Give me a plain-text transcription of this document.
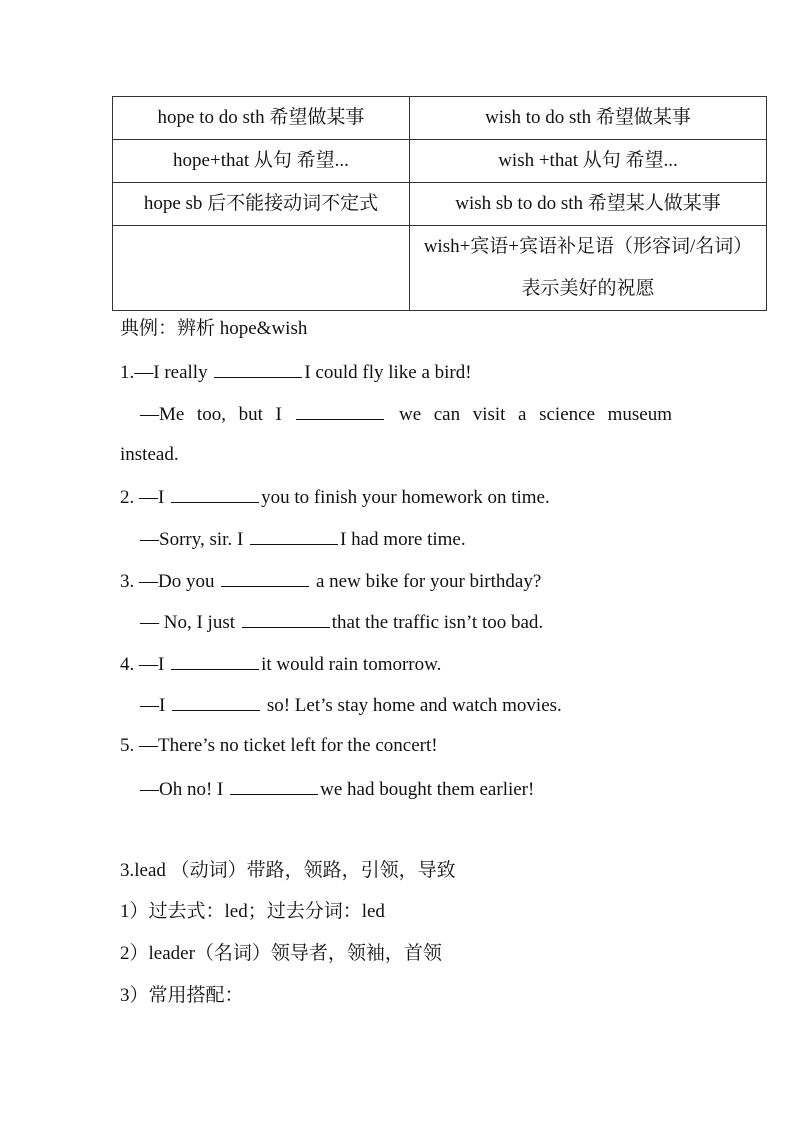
hope to do sth 希望做某事	wish to do sth 希望做某事
hope+that 从句 希望...	wish +that 从句 希望...
hope sb 后不能接动词不定式	wish sb to do sth 希望某人做某事
	wish+宾语+宾语补足语（形容词/名词） 表示美好的祝愿
典例：辨析 hope&wish
1.—I really	I could fly like a bird!
—Me too, but I	we can visit a science museum
instead.
2. —I	you to finish your homework on time.
—Sorry, sir. I	I had more time.
3. —Do you	a new bike for your birthday?
— No, I just	that the traffic isn’t too bad.
4. —I	it would rain tomorrow.
—I	so! Let’s stay home and watch movies.
5. —There’s no ticket left for the concert!
—Oh no! I	we had bought them earlier!
3.lead （动词）带路，领路，引领，导致
1）过去式：led；过去分词：led
2）leader（名词）领导者，领袖，首领
3）常用搭配：
